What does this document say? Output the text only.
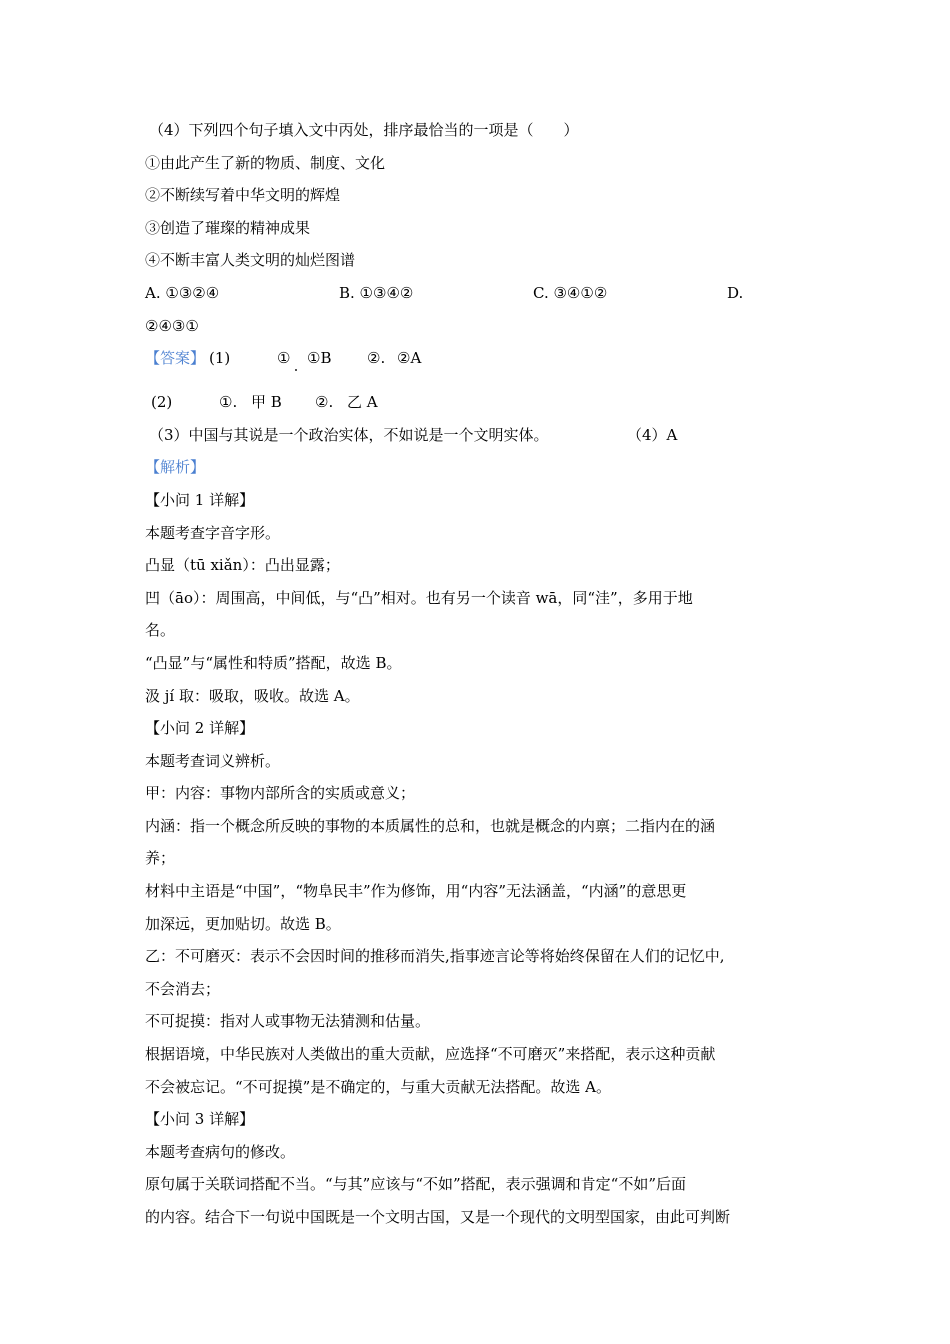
（4）下列四个句子填入文中丙处，排序最恰当的一项是（　　）
①由此产生了新的物质、制度、文化
②不断续写着中华文明的辉煌
③创造了璀璨的精神成果
④不断丰富人类文明的灿烂图谱
A. ①③②④	B. ①③④②	C. ③④①②	D.
②④③①
【答案】 (1)	① ①B ②. ②A
(2)	①. 甲 B ②. 乙 A
（3）中国与其说是一个政治实体，不如说是一个文明实体。	（4）A
【解析】
【小问 1 详解】
本题考查字音字形。
凸显（tū xiǎn）：凸出显露；
凹（āo）：周围高，中间低，与“凸”相对。也有另一个读音 wā，同“洼”，多用于地
名。
“凸显”与“属性和特质”搭配，故选 B。
汲 jí 取：吸取，吸收。故选 A。
【小问 2 详解】
本题考查词义辨析。
甲：内容：事物内部所含的实质或意义；
内涵：指一个概念所反映的事物的本质属性的总和，也就是概念的内禀；二指内在的涵
养；
材料中主语是“中国”，“物阜民丰”作为修饰，用“内容”无法涵盖，“内涵”的意思更
加深远，更加贴切。故选 B。
乙：不可磨灭：表示不会因时间的推移而消失,指事迹言论等将始终保留在人们的记忆中,
不会消去；
不可捉摸：指对人或事物无法猜测和估量。
根据语境，中华民族对人类做出的重大贡献，应选择“不可磨灭”来搭配，表示这种贡献
不会被忘记。“不可捉摸”是不确定的，与重大贡献无法搭配。故选 A。
【小问 3 详解】
本题考查病句的修改。
原句属于关联词搭配不当。“与其”应该与“不如”搭配，表示强调和肯定“不如”后面
的内容。结合下一句说中国既是一个文明古国，又是一个现代的文明型国家，由此可判断
